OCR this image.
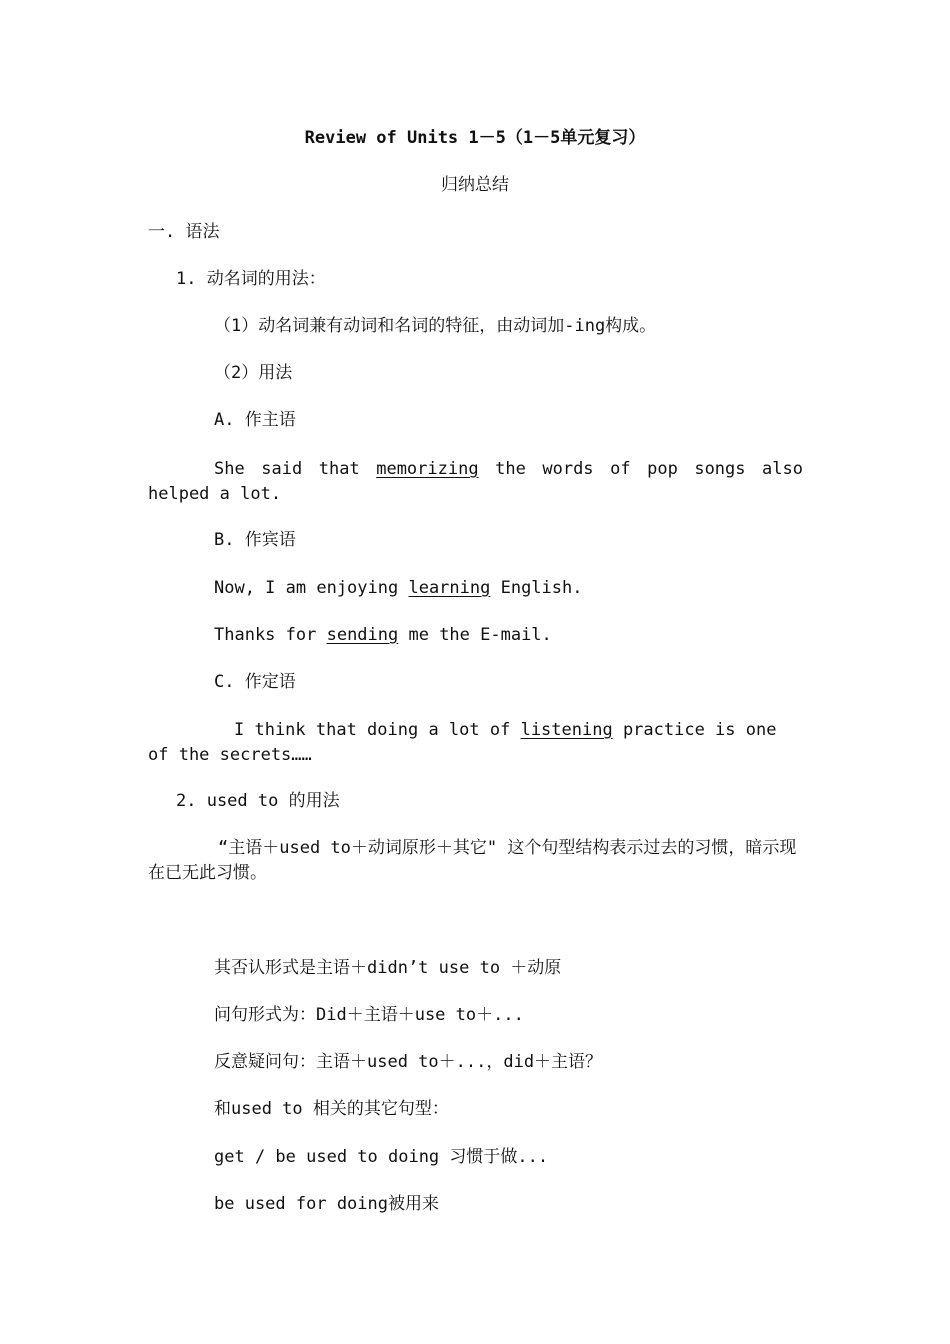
Review of Units 1－5（1－5单元复习）
归纳总结
一. 语法
1. 动名词的用法：
（1）动名词兼有动词和名词的特征，由动词加-ing构成。
（2）用法
A. 作主语
She said that memorizing the words of pop songs also helped a lot.
B. 作宾语
Now, I am enjoying learning English.
Thanks for sending me the E-mail.
C. 作定语
I think that doing a lot of listening practice is one of the secrets……
2. used to 的用法
“主语＋used to＋动词原形＋其它" 这个句型结构表示过去的习惯，暗示现在已无此习惯。
其否认形式是主语＋didn’t use to ＋动原
问句形式为：Did＋主语＋use to＋...
反意疑问句：主语＋used to＋...，did＋主语？
和used to 相关的其它句型：
get / be used to doing 习惯于做...
be used for doing被用来
